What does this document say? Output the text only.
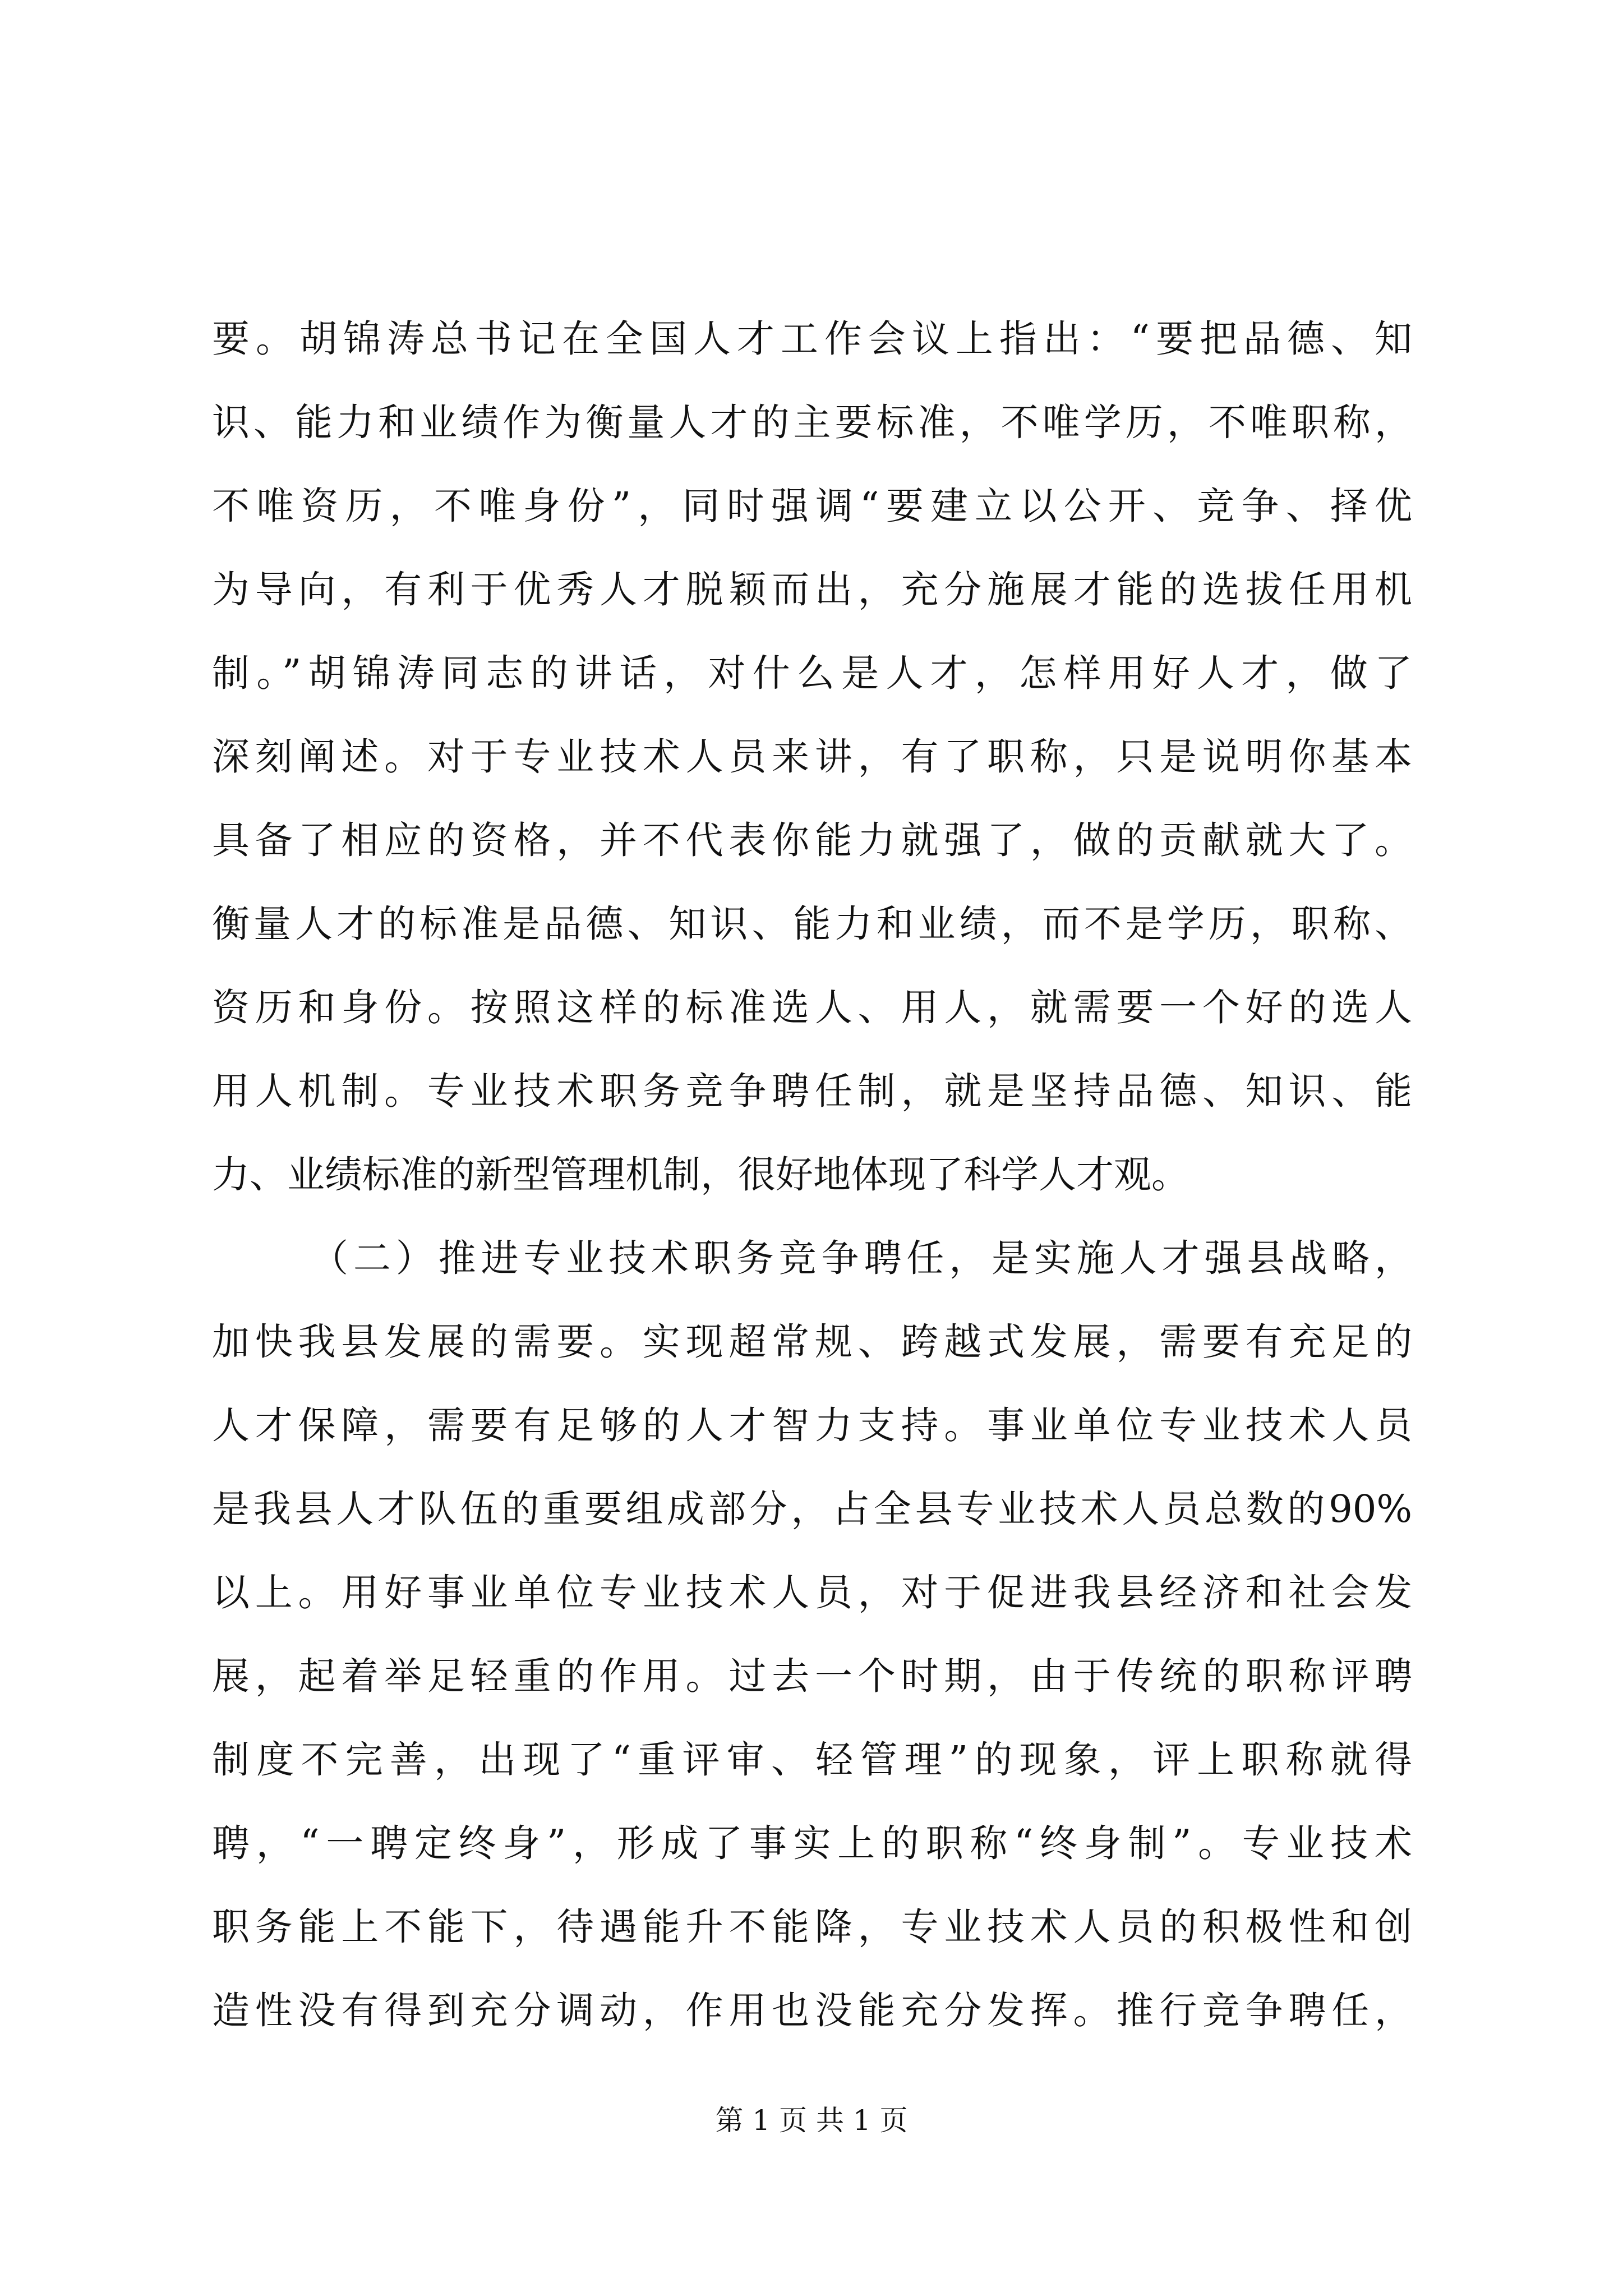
要。胡锦涛总书记在全国人才工作会议上指出：“要把品德、知
识、能力和业绩作为衡量人才的主要标准，不唯学历，不唯职称，
不唯资历，不唯身份”，同时强调“要建立以公开、竞争、择优
为导向，有利于优秀人才脱颖而出，充分施展才能的选拔任用机
制。”胡锦涛同志的讲话，对什么是人才，怎样用好人才，做了
深刻阐述。对于专业技术人员来讲，有了职称，只是说明你基本
具备了相应的资格，并不代表你能力就强了，做的贡献就大了。
衡量人才的标准是品德、知识、能力和业绩，而不是学历，职称、
资历和身份。按照这样的标准选人、用人，就需要一个好的选人
用人机制。专业技术职务竞争聘任制，就是坚持品德、知识、能
力、业绩标准的新型管理机制，很好地体现了科学人才观。
（二）推进专业技术职务竞争聘任，是实施人才强县战略，
加快我县发展的需要。实现超常规、跨越式发展，需要有充足的
人才保障，需要有足够的人才智力支持。事业单位专业技术人员
是我县人才队伍的重要组成部分，占全县专业技术人员总数的90%
以上。用好事业单位专业技术人员，对于促进我县经济和社会发
展，起着举足轻重的作用。过去一个时期，由于传统的职称评聘
制度不完善，出现了“重评审、轻管理”的现象，评上职称就得
聘，“一聘定终身”，形成了事实上的职称“终身制”。专业技术
职务能上不能下，待遇能升不能降，专业技术人员的积极性和创
造性没有得到充分调动，作用也没能充分发挥。推行竞争聘任，
第 1 页 共 1 页
